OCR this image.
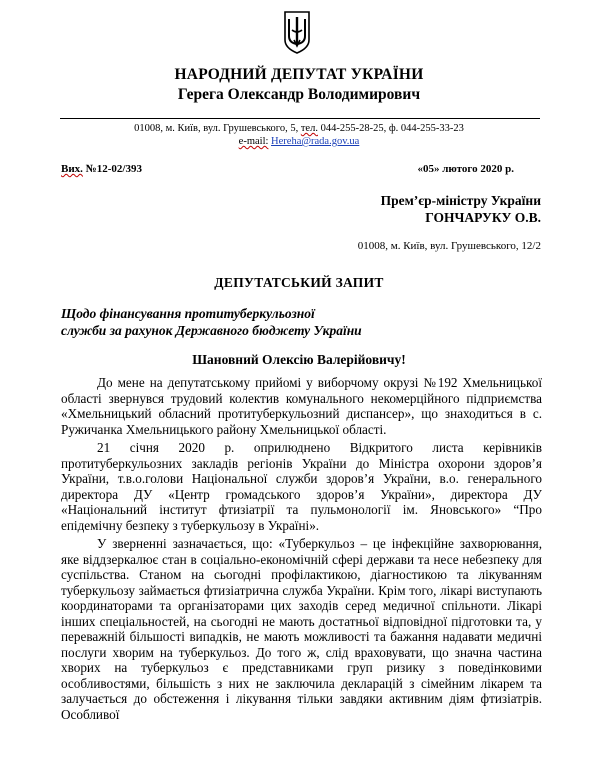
НАРОДНИЙ ДЕПУТАТ УКРАЇНИ
Герега Олександр Володимирович
01008, м. Київ, вул. Грушевського, 5, тел. 044-255-28-25, ф. 044-255-33-23
e-mail: Hereha@rada.gov.ua
Вих. №12-02/393	«05» лютого 2020 р.
Прем’єр-міністру України
ГОНЧАРУКУ О.В.
01008, м. Київ, вул. Грушевського, 12/2
ДЕПУТАТСЬКИЙ ЗАПИТ
Щодо фінансування протитуберкульозної
служби за рахунок Державного бюджету України
Шановний Олексію Валерійовичу!

До мене на депутатському прийомі у виборчому окрузі №192 Хмельницької області звернувся трудовий колектив комунального некомерційного підприємства «Хмельницький обласний протитуберкульозний диспансер», що знаходиться в с. Ружичанка Хмельницького району Хмельницької області.

21 січня 2020 р. оприлюднено Відкритого листа керівників протитуберкульозних закладів регіонів України до Міністра охорони здоров’я України, т.в.о.голови Національної служби здоров’я України, в.о. генерального директора ДУ «Центр громадського здоров’я України», директора ДУ «Національний інститут фтизіатрії та пульмонології ім. Яновського» “Про епідемічну безпеку з туберкульозу в Україні».

У зверненні зазначається, що: «Туберкульоз – це інфекційне захворювання, яке віддзеркалює стан в соціально-економічній сфері держави та несе небезпеку для суспільства. Станом на сьогодні профілактикою, діагностикою та лікуванням туберкульозу займається фтизіатрична служба України. Крім того, лікарі виступають координаторами та організаторами цих заходів серед медичної спільноти. Лікарі інших спеціальностей, на сьогодні не мають достатньої відповідної підготовки та, у переважній більшості випадків, не мають можливості та бажання надавати медичні послуги хворим на туберкульоз. До того ж, слід враховувати, що значна частина хворих на туберкульоз є представниками груп ризику з поведінковими особливостями, більшість з них не заключила декларацій з сімейним лікарем та залучається до обстеження і лікування тільки завдяки активним діям фтизіатрів. Особливої
